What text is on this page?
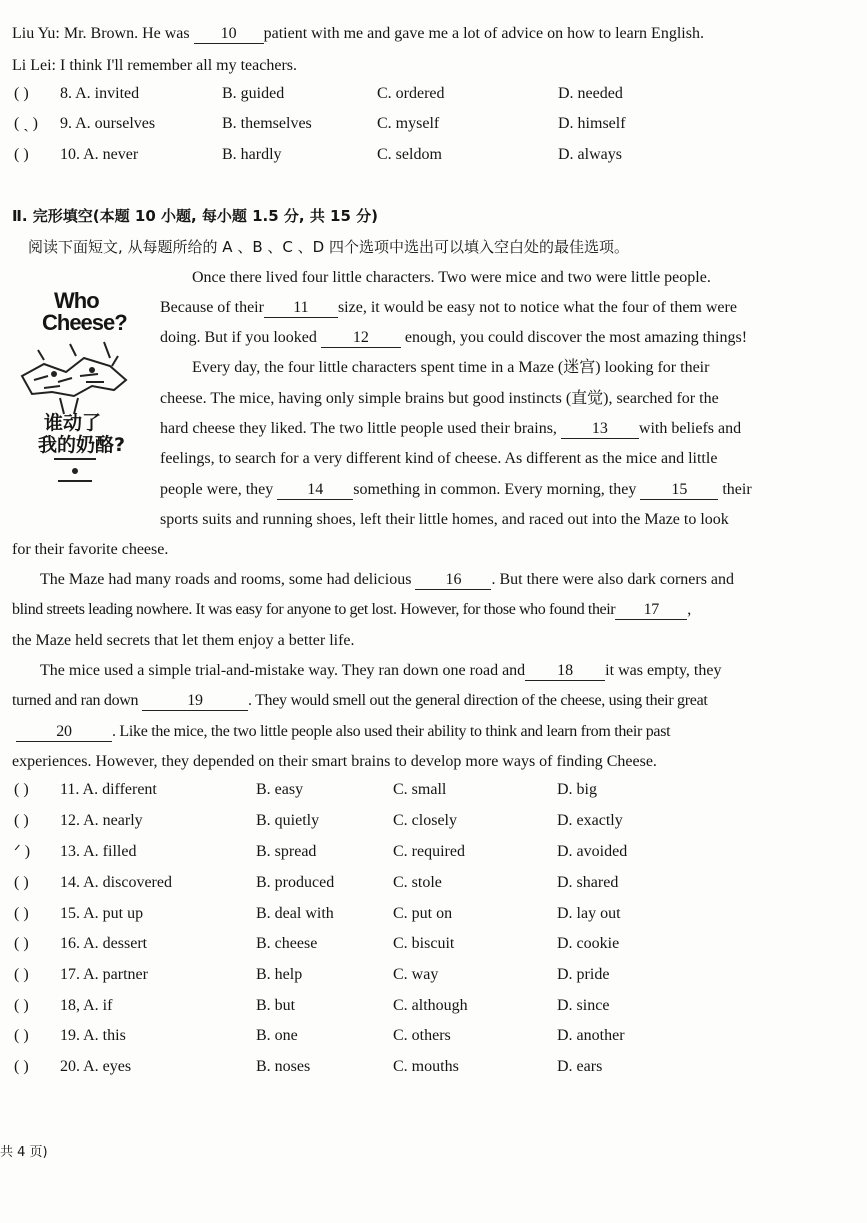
Liu Yu: Mr. Brown. He was 10 patient with me and gave me a lot of advice on how to learn English.
Li Lei: I think I'll remember all my teachers.
( ) 8. A. invited	B. guided	C. ordered	D. needed
( ˎ ) 9. A. ourselves	B. themselves	C. myself	D. himself
( ) 10. A. never	B. hardly	C. seldom	D. always
Ⅱ. 完形填空(本题 10 小题, 每小题 1.5 分, 共 15 分)
阅读下面短文, 从每题所给的 A 、B 、C 、D 四个选项中选出可以填入空白处的最佳选项。
Who
Cheese?
谁动了
我的奶酪?
Once there lived four little characters. Two were mice and two were little people.
Because of their 11 size, it would be easy not to notice what the four of them were
doing. But if you looked 12 enough, you could discover the most amazing things!
Every day, the four little characters spent time in a Maze (迷宫) looking for their
cheese. The mice, having only simple brains but good instincts (直觉), searched for the
hard cheese they liked. The two little people used their brains, 13 with beliefs and
feelings, to search for a very different kind of cheese. As different as the mice and little
people were, they 14 something in common. Every morning, they 15 their
sports suits and running shoes, left their little homes, and raced out into the Maze to look
for their favorite cheese.
The Maze had many roads and rooms, some had delicious 16 . But there were also dark corners and
blind streets leading nowhere. It was easy for anyone to get lost. However, for those who found their 17 ,
the Maze held secrets that let them enjoy a better life.
The mice used a simple trial-and-mistake way. They ran down one road and 18 it was empty, they
turned and ran down	19	. They would smell out the general direction of the cheese, using their great
20	. Like the mice, the two little people also used their ability to think and learn from their past
experiences. However, they depended on their smart brains to develop more ways of finding Cheese.
( ) 11. A. different	B. easy	C. small	D. big
( ) 12. A. nearly	B. quietly	C. closely	D. exactly
ᐟ ) 13. A. filled	B. spread	C. required	D. avoided
( ) 14. A. discovered	B. produced	C. stole	D. shared
( ) 15. A. put up	B. deal with	C. put on	D. lay out
( ) 16. A. dessert	B. cheese	C. biscuit	D. cookie
( ) 17. A. partner	B. help	C. way	D. pride
( ) 18, A. if	B. but	C. although	D. since
( ) 19. A. this	B. one	C. others	D. another
( ) 20. A. eyes	B. noses	C. mouths	D. ears
共 4 页)
